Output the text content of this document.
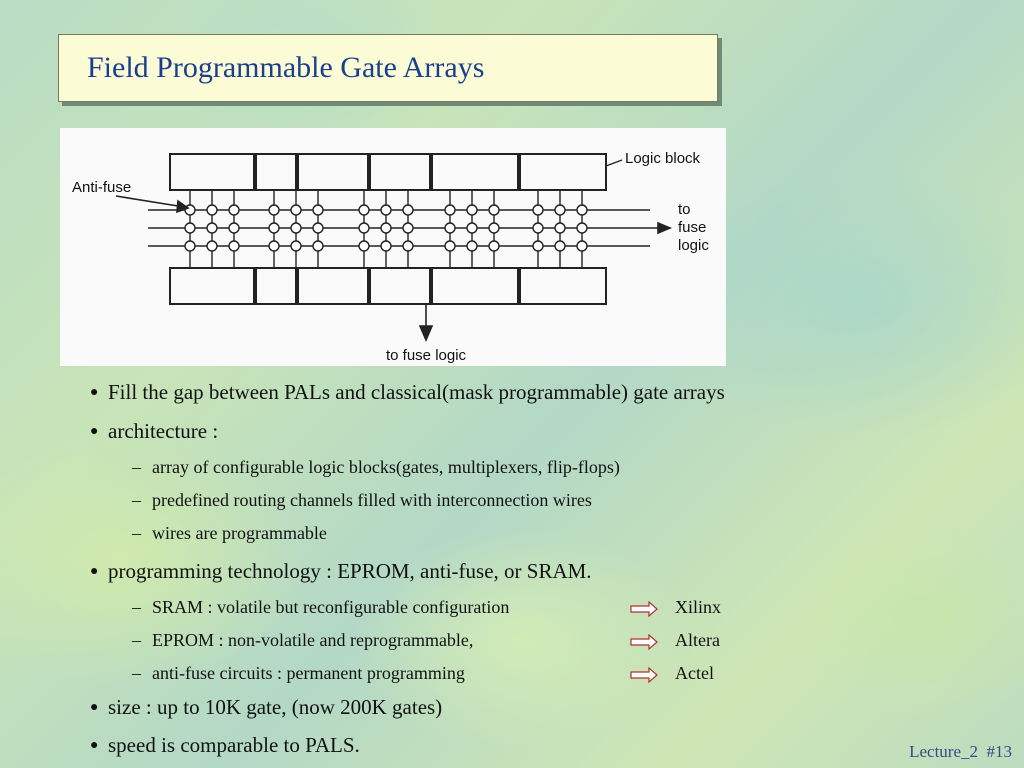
Field Programmable Gate Arrays
Logic block
Anti-fuse
to
fuse
logic
to fuse logic
● Fill the gap between PALs and classical(mask programmable) gate arrays
● architecture :
– array of configurable logic blocks(gates, multiplexers, flip-flops)
– predefined routing channels filled with interconnection wires
– wires are programmable
● programming technology : EPROM, anti-fuse, or SRAM.
– SRAM : volatile but reconfigurable configuration
– EPROM : non-volatile and reprogrammable,
– anti-fuse circuits : permanent programming
Xilinx
Altera
Actel
● size : up to 10K gate, (now 200K gates)
● speed is comparable to PALS.	Lecture_2 #13
